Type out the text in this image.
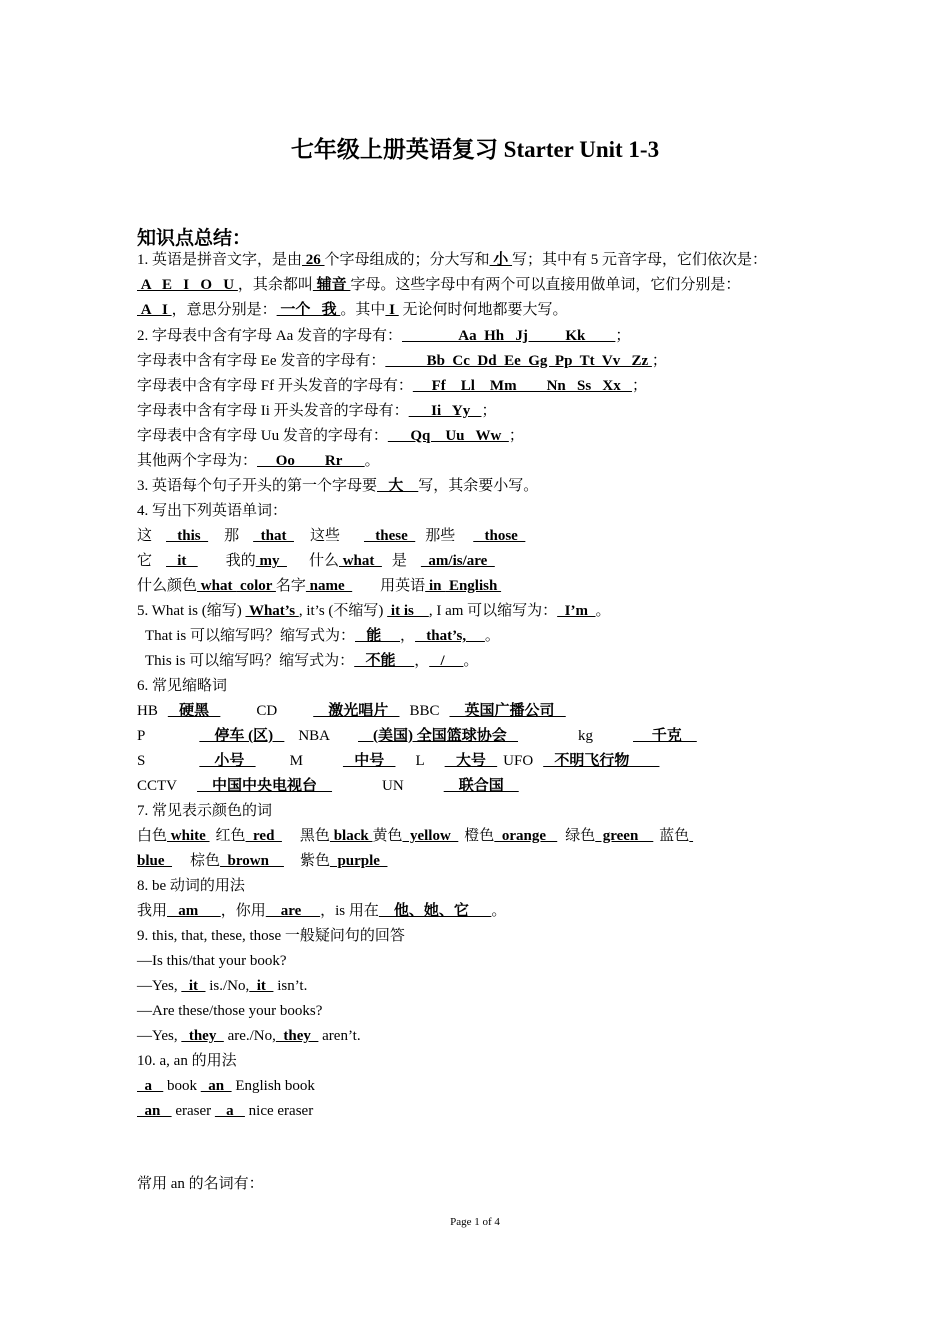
七年级上册英语复习 Starter Unit 1-3
知识点总结：
1. 英语是拼音文字，是由 26 个字母组成的；分大写和 小 写；其中有 5 元音字母，它们依次是： A   E   I   O   U ，其余都叫 辅音 字母。这些字母中有两个可以直接用做单词，它们分别是： A   I ，意思分别是： 一个   我 。其中 I  无论何时何地都要大写。
2. 字母表中含有字母 Aa 发音的字母有：               Aa  Hh   Jj          Kk        ；
字母表中含有字母 Ee 发音的字母有：           Bb  Cc  Dd  Ee  Gg  Pp  Tt  Vv   Zz ；
字母表中含有字母 Ff 开头发音的字母有：     Ff    Ll    Mm        Nn   Ss   Xx   ；
字母表中含有字母 Ii 开头发音的字母有：      Ii   Yy   ；
字母表中含有字母 Uu 发音的字母有：      Qq    Uu   Ww  ；
其他两个字母为：     Oo        Rr      。
3. 英语每个句子开头的第一个字母要   大    写，其余要小写。
4. 写出下列英语单词：
这   this  那  that  这些   these  那些   those
它   it   我的 my  什么 what  是  am/is/are
什么颜色 what  color 名字 name  用英语 in  English
5. What is (缩写)  What’s , it’s (不缩写)  it is    , I am 可以缩写为：  I’m  。
That is 可以缩写吗？缩写式为：   能     ，   that’s,     。
This is 可以缩写吗？缩写式为：   不能     ，   /     。
6. 常见缩略词
HB   硬黑   CD    激光唱片   BBC    英国广播公司
P	停车 (区)   NBA    (美国) 全国篮球协会	kg	千克
S	小号   M	中号   L   大号   UFO   不明飞行物
CCTV    中国中央电视台	UN	联合国
7. 常见表示颜色的词
白色 white 红色  red  黑色 black 黄色  yellow  橙色  orange   绿色  green    蓝色
blue  棕色  brown    紫色  purple
8. be 动词的用法
我用   am      ，你用    are     ，is 用在    他、她、它      。
9. this, that, these, those 一般疑问句的回答
—Is this/that your book?
—Yes,   it   is./No,  it   isn’t.
—Are these/those your books?
—Yes,   they   are./No,  they   aren’t.
10. a, an 的用法
a    book   an   English book
an    eraser    a    nice eraser
常用 an 的名词有：
Page 1 of 4
